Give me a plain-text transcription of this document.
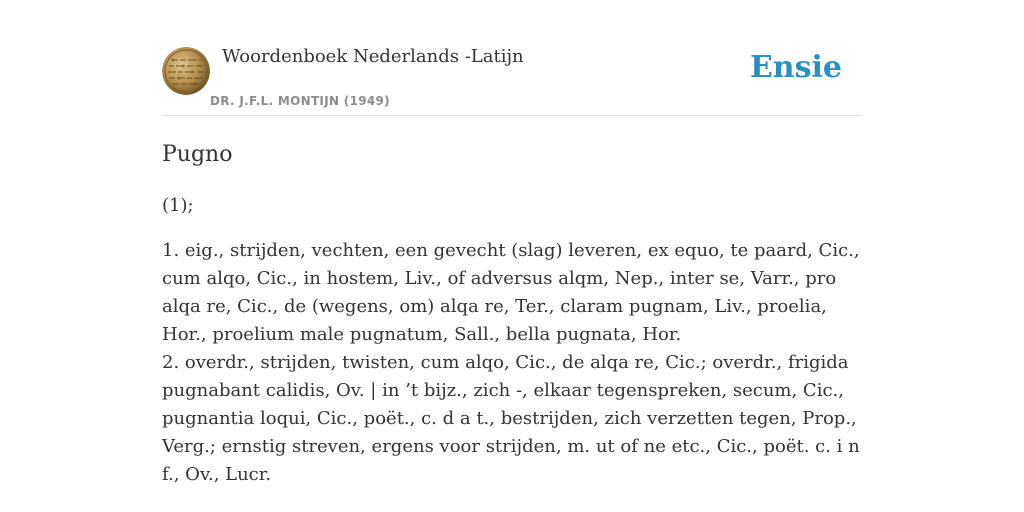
Woordenboek Nederlands -Latijn
DR. J.F.L. MONTIJN (1949)
Ensie
Pugno

(1);

1. eig., strijden, vechten, een gevecht (slag) leveren, ex equo, te paard, Cic., cum alqo, Cic., in hostem, Liv., of adversus alqm, Nep., inter se, Varr., pro alqa re, Cic., de (wegens, om) alqa re, Ter., claram pugnam, Liv., proelia, Hor., proelium male pugnatum, Sall., bella pugnata, Hor.
2. overdr., strijden, twisten, cum alqo, Cic., de alqa re, Cic.; overdr., frigida pugnabant calidis, Ov. | in ’t bijz., zich -, elkaar tegenspreken, secum, Cic., pugnantia loqui, Cic., poët., c. d a t., bestrijden, zich verzetten tegen, Prop., Verg.; ernstig streven, ergens voor strijden, m. ut of ne etc., Cic., poët. c. i n f., Ov., Lucr.
